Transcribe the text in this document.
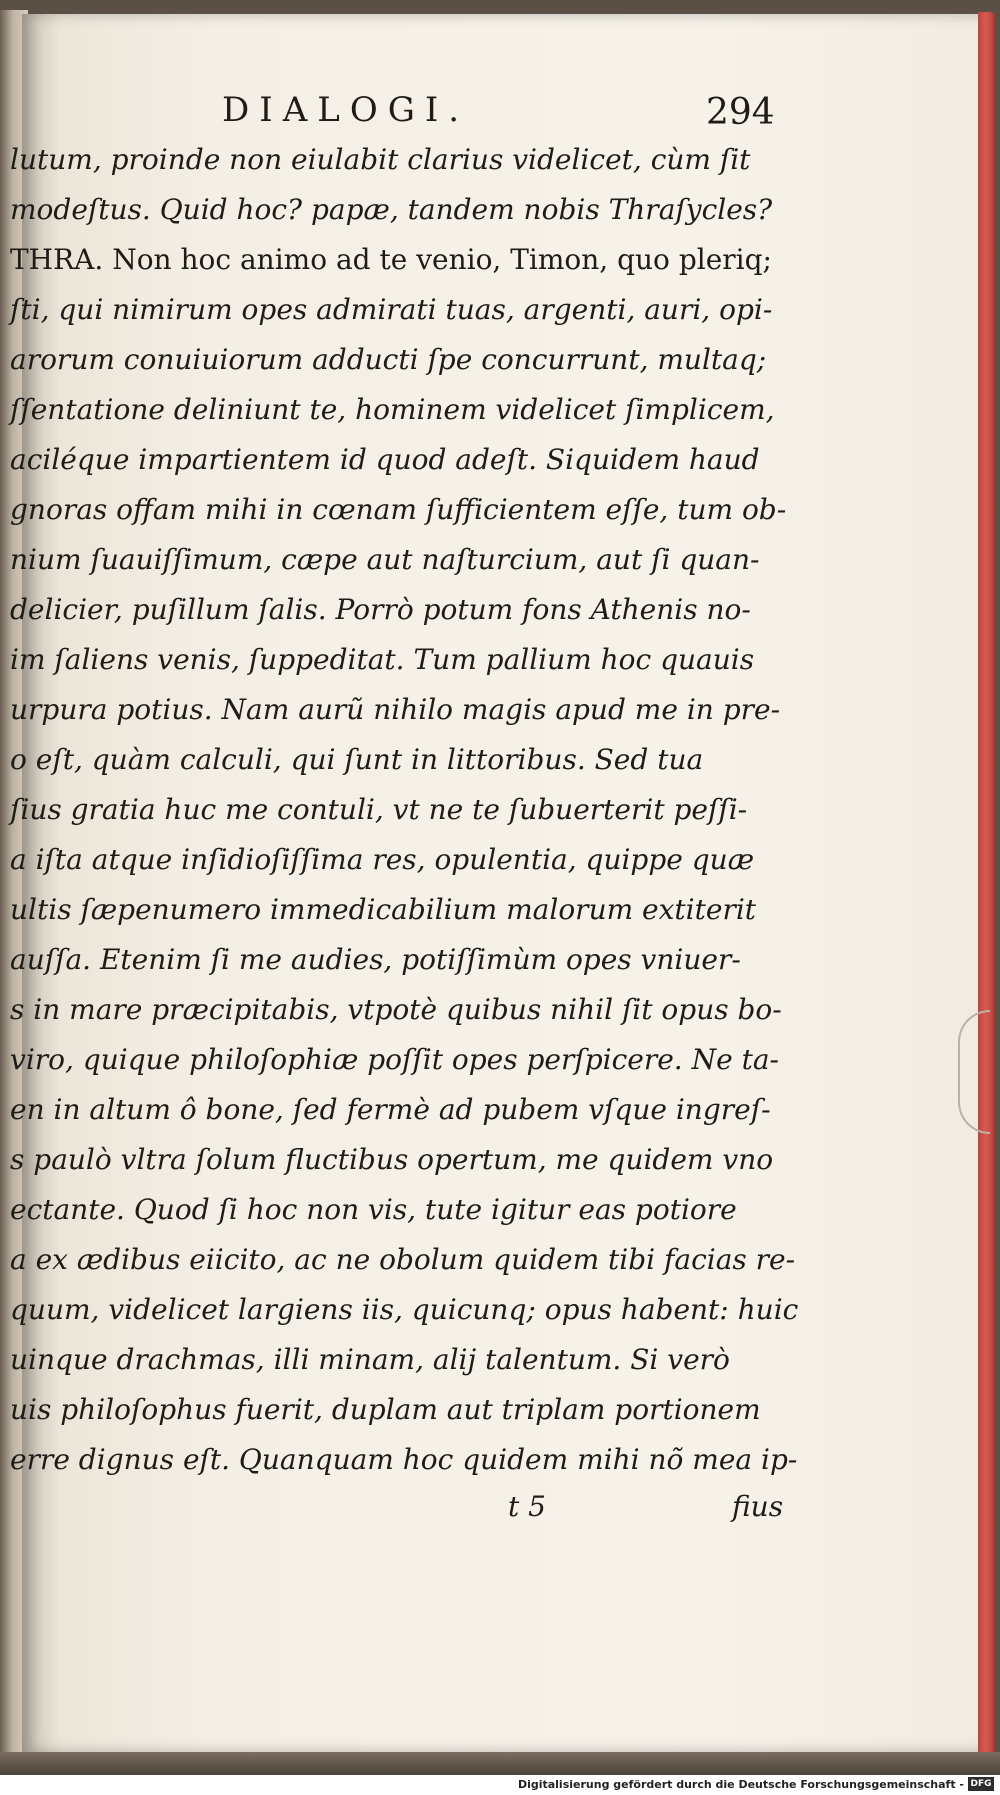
DIALOGI.	294
lutum, proinde non eiulabit clarius videlicet, cùm ſit
modeſtus. Quid hoc? papæ, tandem nobis Thraſycles?
THRA. Non hoc animo ad te venio, Timon, quo pleriq;
ſti, qui nimirum opes admirati tuas, argenti, auri, opi-
arorum conuiuiorum adducti ſpe concurrunt, multaq;
ſſentatione deliniunt te, hominem videlicet ſimplicem,
aciléque impartientem id quod adeſt. Siquidem haud
gnoras offam mihi in cœnam ſufficientem eſſe, tum ob-
nium ſuauiſſimum, cæpe aut naſturcium, aut ſi quan-
delicier, puſillum ſalis. Porrò potum fons Athenis no-
im ſaliens venis, ſuppeditat. Tum pallium hoc quauis
urpura potius. Nam aurũ nihilo magis apud me in pre-
o eſt, quàm calculi, qui ſunt in littoribus. Sed tua
ſius gratia huc me contuli, vt ne te ſubuerterit peſſi-
a iſta atque inſidioſiſſima res, opulentia, quippe quæ
ultis ſæpenumero immedicabilium malorum extiterit
auſſa. Etenim ſi me audies, potiſſimùm opes vniuer-
s in mare præcipitabis, vtpotè quibus nihil ſit opus bo-
viro, quique philoſophiæ poſſit opes perſpicere. Ne ta-
en in altum ô bone, ſed fermè ad pubem vſque ingreſ-
s paulò vltra ſolum fluctibus opertum, me quidem vno
ectante. Quod ſi hoc non vis, tute igitur eas potiore
a ex ædibus eiicito, ac ne obolum quidem tibi facias re-
quum, videlicet largiens iis, quicunq; opus habent: huic
uinque drachmas, illi minam, alij talentum. Si verò
uis philoſophus fuerit, duplam aut triplam portionem
erre dignus eſt. Quanquam hoc quidem mihi nõ mea ip-
t 5	fius
Digitalisierung gefördert durch die Deutsche Forschungsgemeinschaft - DFG
